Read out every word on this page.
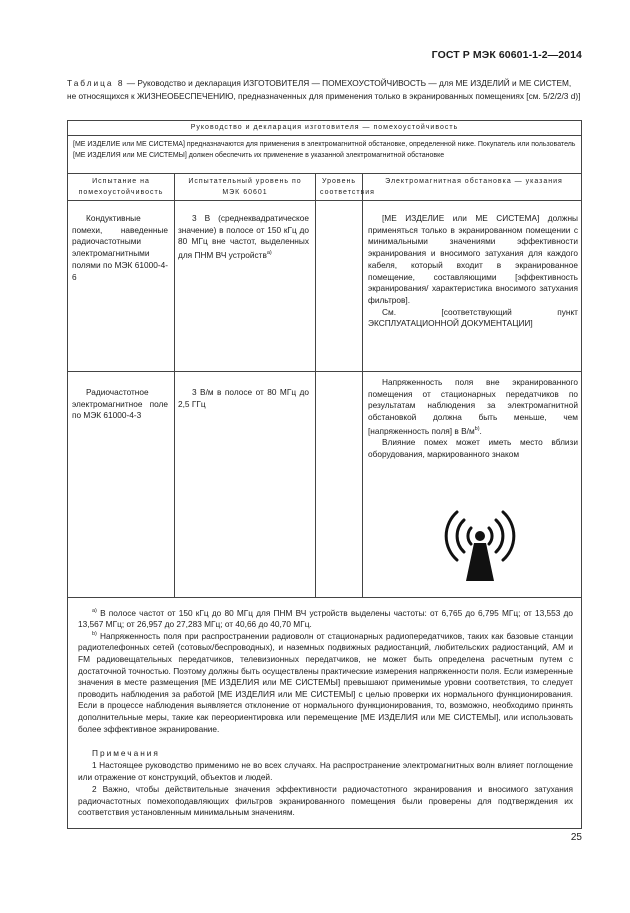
ГОСТ Р МЭК 60601-1-2—2014
Таблица 8 — Руководство и декларация ИЗГОТОВИТЕЛЯ — ПОМЕХОУСТОЙЧИВОСТЬ — для МЕ ИЗДЕЛИЙ и МЕ СИСТЕМ, не относящихся к ЖИЗНЕОБЕСПЕЧЕНИЮ, предназначенных для применения только в экранированных помещениях [см. 5/2/2/3 d)]
Руководство и декларация изготовителя — помехоустойчивость
[МЕ ИЗДЕЛИЕ или МЕ СИСТЕМА] предназначаются для применения в электромагнитной обстановке, определенной ниже. Покупатель или пользователь [МЕ ИЗДЕЛИЯ или МЕ СИСТЕМЫ] должен обеспечить их применение в указанной электромагнитной обстановке
Испытание на помехоустойчивость
Испытательный уровень по МЭК 60601
Уровень соответствия
Электромагнитная обстановка — указания
Кондуктивные помехи, наведенные радиочастотными электромагнитными полями по МЭК 61000-4-6
3 В (среднеквадратическое значение) в полосе от 150 кГц до 80 МГц вне частот, выделенных для ПНМ ВЧ устройств$^{a)}$
[МЕ ИЗДЕЛИЕ или МЕ СИСТЕМА] должны применяться только в экранированном помещении с минимальными значениями эффективности экранирования и вносимого затухания для каждого кабеля, который входит в экранированное помещение, составляющими [эффективность экранирования/ характеристика вносимого затухания фильтров].
См. [соответствующий пункт ЭКСПЛУАТАЦИОННОЙ ДОКУМЕНТАЦИИ]
Радиочастотное электромагнитное поле по МЭК 61000-4-3
3 В/м в полосе от 80 МГц до 2,5 ГГц
Напряженность поля вне экранированного помещения от стационарных передатчиков по результатам наблюдения за электромагнитной обстановкой должна быть меньше, чем [напряженность поля] в $В/м^{b)}$.
Влияние помех может иметь место вблизи оборудования, маркированного знаком
$^{a)}$ В полосе частот от 150 кГц до 80 МГц для ПНМ ВЧ устройств выделены частоты: от 6,765 до 6,795 МГц; от 13,553 до 13,567 МГц; от 26,957 до 27,283 МГц; от 40,66 до 40,70 МГц.
$^{b)}$ Напряженность поля при распространении радиоволн от стационарных радиопередатчиков, таких как базовые станции радиотелефонных сетей (сотовых/беспроводных), и наземных подвижных радиостанций, любительских радиостанций, АМ и FM радиовещательных передатчиков, телевизионных передатчиков, не может быть определена расчетным путем с достаточной точностью. Поэтому должны быть осуществлены практические измерения напряженности поля. Если измеренные значения в месте размещения [МЕ ИЗДЕЛИЯ или МЕ СИСТЕМЫ] превышают применимые уровни соответствия, то следует проводить наблюдения за работой [МЕ ИЗДЕЛИЯ или МЕ СИСТЕМЫ] с целью проверки их нормального функционирования. Если в процессе наблюдения выявляется отклонение от нормального функционирования, то, возможно, необходимо принять дополнительные меры, такие как переориентировка или перемещение [МЕ ИЗДЕЛИЯ или МЕ СИСТЕМЫ], или использовать более эффективное экранирование.
Примечания
1 Настоящее руководство применимо не во всех случаях. На распространение электромагнитных волн влияет поглощение или отражение от конструкций, объектов и людей.
2 Важно, чтобы действительные значения эффективности радиочастотного экранирования и вносимого затухания радиочастотных помехоподавляющих фильтров экранированного помещения были проверены для подтверждения их соответствия установленным минимальным значениям.
25
